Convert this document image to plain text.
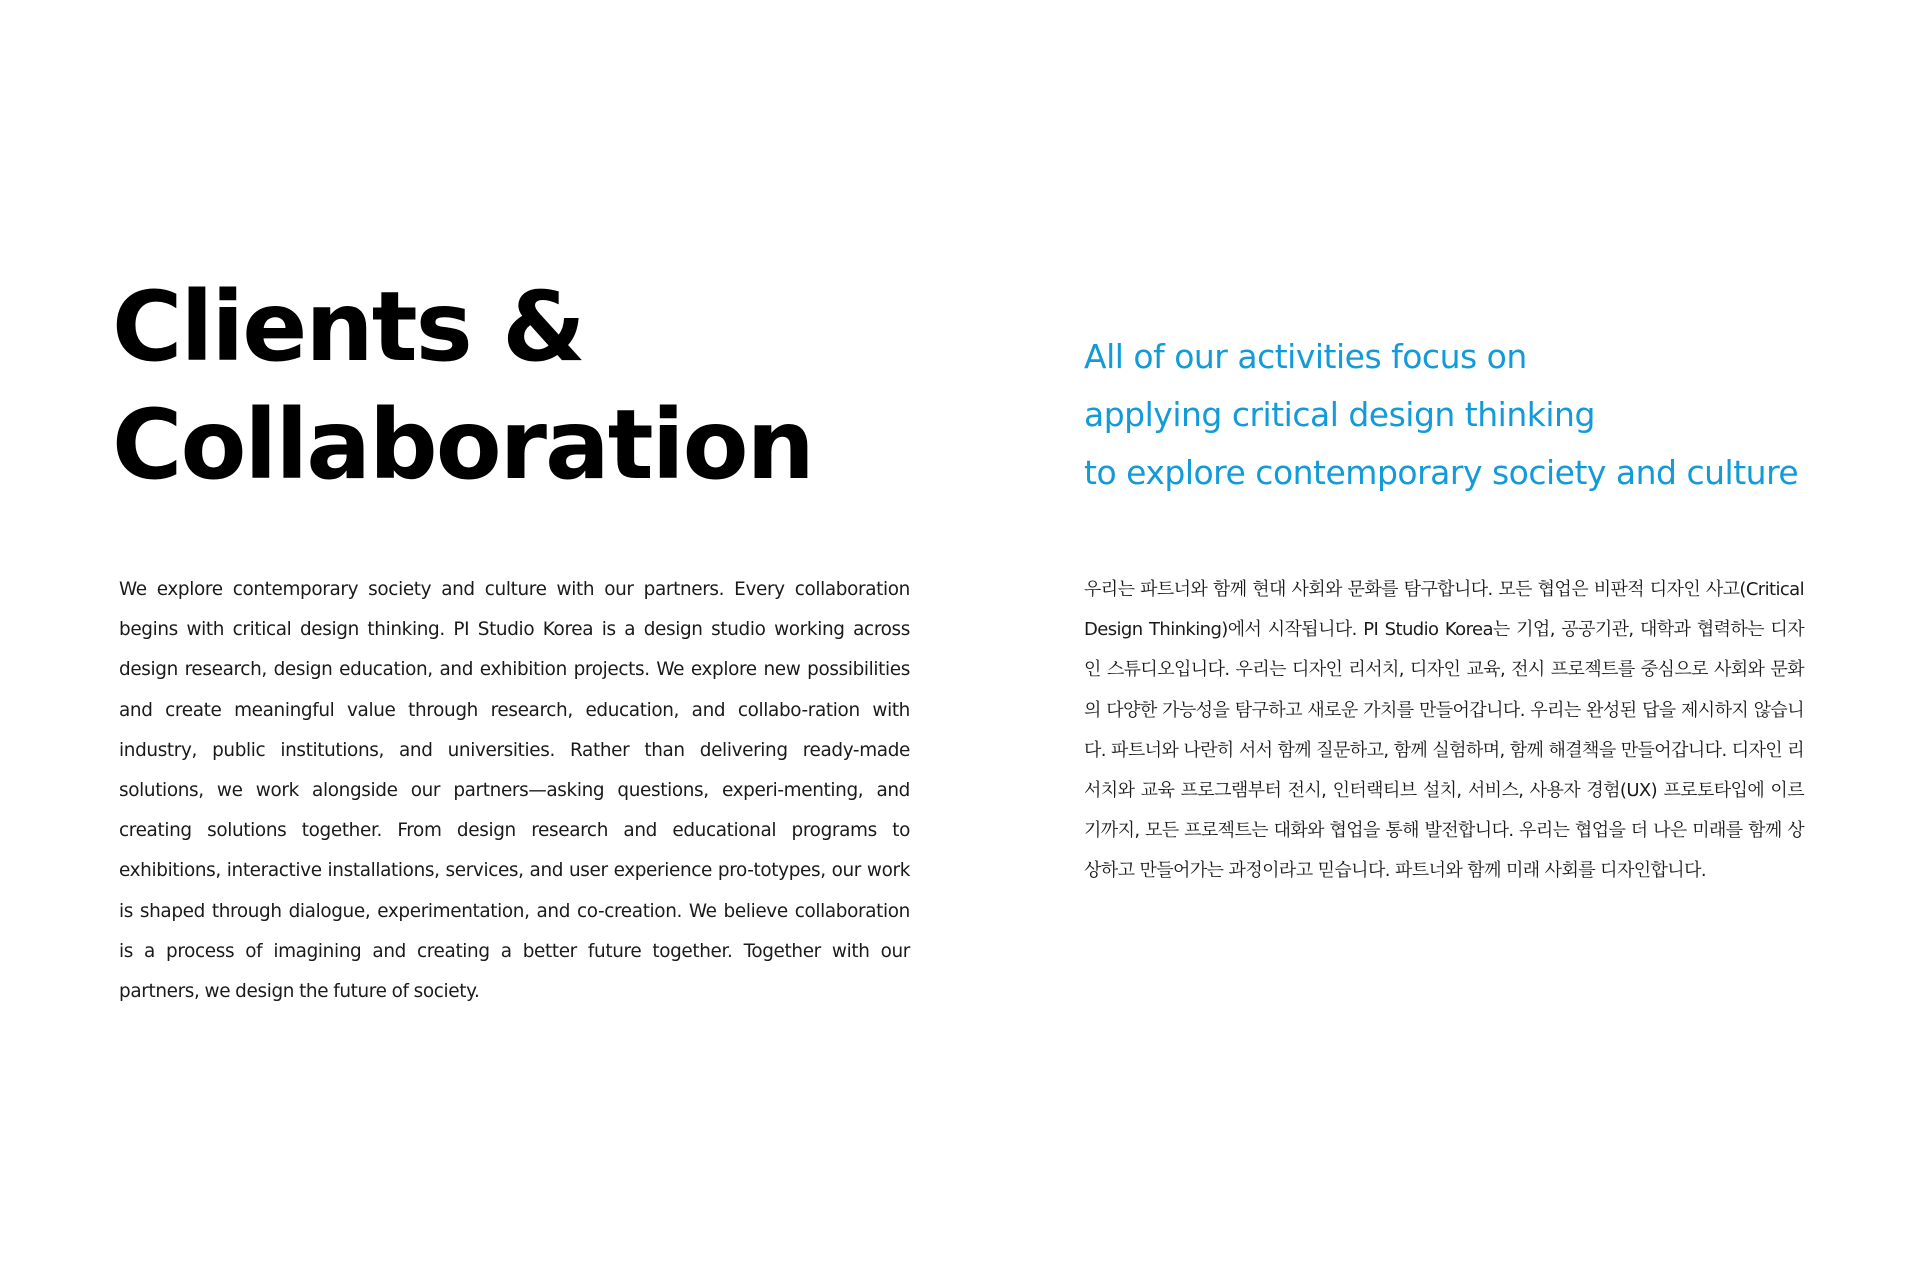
Clients &
Collaboration

All of our activities focus on
applying critical design thinking
to explore contemporary society and culture

We explore contemporary society and culture with our partners. Every collaboration begins with critical design thinking. PI Studio Korea is a design studio working across design research, design education, and exhibition projects. We explore new possibilities and create meaningful value through research, education, and collabo-ration with industry, public institutions, and universities. Rather than delivering ready-made solutions, we work alongside our partners—asking questions, experi-menting, and creating solutions together. From design research and educational programs to exhibitions, interactive installations, services, and user experience pro-totypes, our work is shaped through dialogue, experimentation, and co-creation. We believe collaboration is a process of imagining and creating a better future together. Together with our partners, we design the future of society.

우리는 파트너와 함께 현대 사회와 문화를 탐구합니다. 모든 협업은 비판적 디자인 사고(Critical Design Thinking)에서 시작됩니다. PI Studio Korea는 기업, 공공기관, 대학과 협력하는 디자인 스튜디오입니다. 우리는 디자인 리서치, 디자인 교육, 전시 프로젝트를 중심으로 사회와 문화의 다양한 가능성을 탐구하고 새로운 가치를 만들어갑니다. 우리는 완성된 답을 제시하지 않습니다. 파트너와 나란히 서서 함께 질문하고, 함께 실험하며, 함께 해결책을 만들어갑니다. 디자인 리서치와 교육 프로그램부터 전시, 인터랙티브 설치, 서비스, 사용자 경험(UX) 프로토타입에 이르기까지, 모든 프로젝트는 대화와 협업을 통해 발전합니다. 우리는 협업을 더 나은 미래를 함께 상상하고 만들어가는 과정이라고 믿습니다. 파트너와 함께 미래 사회를 디자인합니다.
